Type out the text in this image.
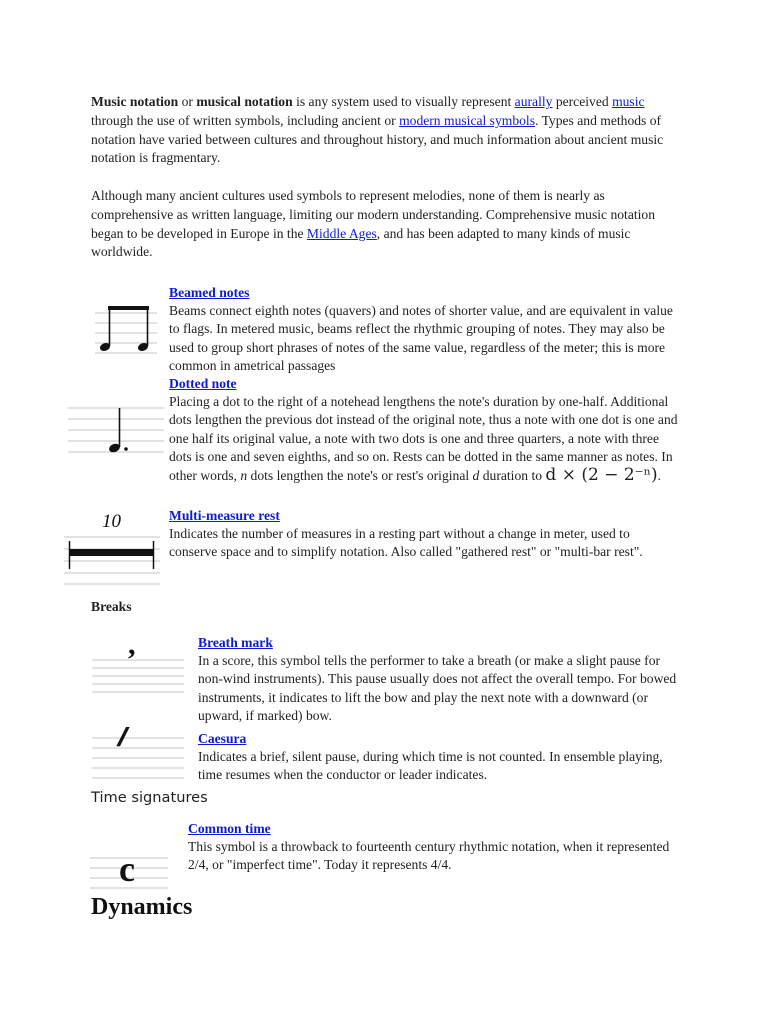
Music notation or musical notation is any system used to visually represent aurally perceived music through the use of written symbols, including ancient or modern musical symbols. Types and methods of notation have varied between cultures and throughout history, and much information about ancient music notation is fragmentary.

Although many ancient cultures used symbols to represent melodies, none of them is nearly as comprehensive as written language, limiting our modern understanding. Comprehensive music notation began to be developed in Europe in the Middle Ages, and has been adapted to many kinds of music worldwide.

Beamed notes
Beams connect eighth notes (quavers) and notes of shorter value, and are equivalent in value to flags. In metered music, beams reflect the rhythmic grouping of notes. They may also be used to group short phrases of notes of the same value, regardless of the meter; this is more common in ametrical passages
Dotted note
Placing a dot to the right of a notehead lengthens the note's duration by one-half. Additional dots lengthen the previous dot instead of the original note, thus a note with one dot is one and one half its original value, a note with two dots is one and three quarters, a note with three dots is one and seven eighths, and so on. Rests can be dotted in the same manner as notes. In other words, n dots lengthen the note's or rest's original d duration to d × (2 − 2⁻ⁿ).
10	Multi-measure rest
Indicates the number of measures in a resting part without a change in meter, used to conserve space and to simplify notation. Also called "gathered rest" or "multi-bar rest".
Breaks
,	Breath mark
In a score, this symbol tells the performer to take a breath (or make a slight pause for non-wind instruments). This pause usually does not affect the overall tempo. For bowed instruments, it indicates to lift the bow and play the next note with a downward (or upward, if marked) bow.
//	Caesura
Indicates a brief, silent pause, during which time is not counted. In ensemble playing, time resumes when the conductor or leader indicates.
Time signatures
c
Common time
This symbol is a throwback to fourteenth century rhythmic notation, when it represented 2/4, or "imperfect time". Today it represents 4/4.
Dynamics
